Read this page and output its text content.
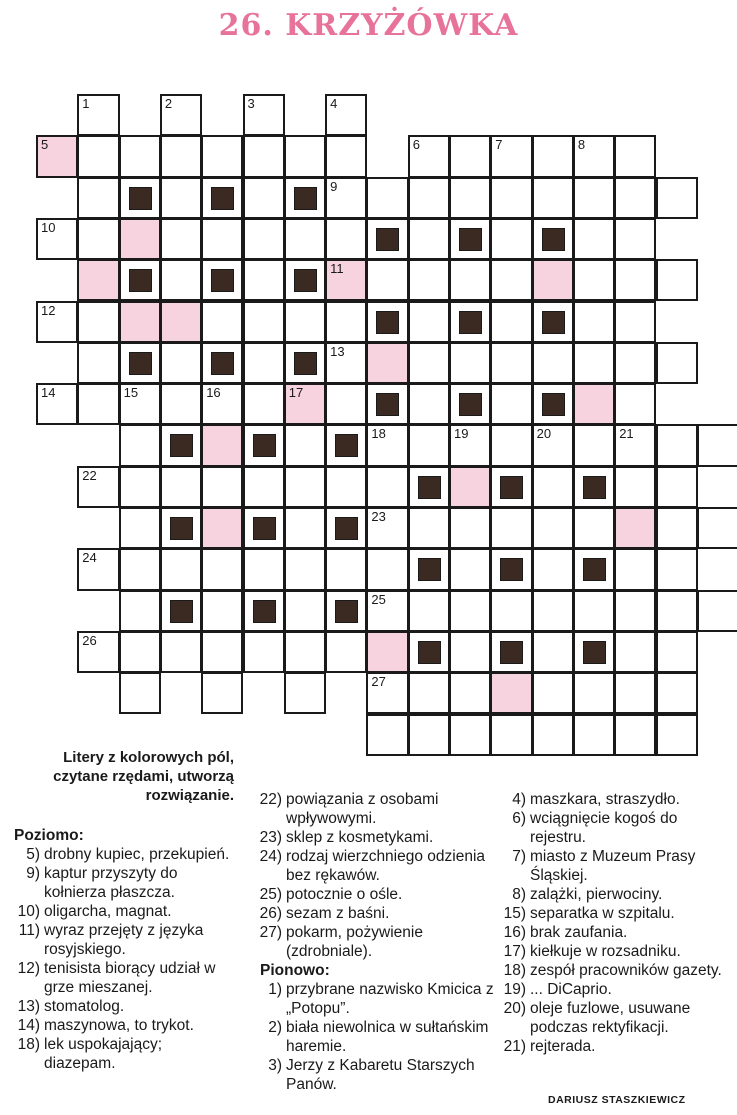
26. KRZYŻÓWKA
1	2	3	4
5	6	7	8
9
10
11
12
13
14	15	16	17
18	19	20	21
22
23
24
25
26
27
Litery z kolorowych pól, czytane rzędami, utworzą rozwiązanie.
Poziomo:
5) drobny kupiec, przekupień.
9) kaptur przyszyty do kołnierza płaszcza.
10) oligarcha, magnat.
11) wyraz przejęty z języka rosyjskiego.
12) tenisista biorący udział w grze mieszanej.
13) stomatolog.
14) maszynowa, to trykot.
18) lek uspokajający; diazepam.
22) powiązania z osobami wpływowymi.
23) sklep z kosmetykami.
24) rodzaj wierzchniego odzienia bez rękawów.
25) potocznie o ośle.
26) sezam z baśni.
27) pokarm, pożywienie (zdrobniale).
Pionowo:
1) przybrane nazwisko Kmicica z „Potopu”.
2) biała niewolnica w sułtańskim haremie.
3) Jerzy z Kabaretu Starszych Panów.
4) maszkara, straszydło.
6) wciągnięcie kogoś do rejestru.
7) miasto z Muzeum Prasy Śląskiej.
8) zalążki, pierwociny.
15) separatka w szpitalu.
16) brak zaufania.
17) kiełkuje w rozsadniku.
18) zespół pracowników gazety.
19) ... DiCaprio.
20) oleje fuzlowe, usuwane podczas rektyfikacji.
21) rejterada.
DARIUSZ STASZKIEWICZ
